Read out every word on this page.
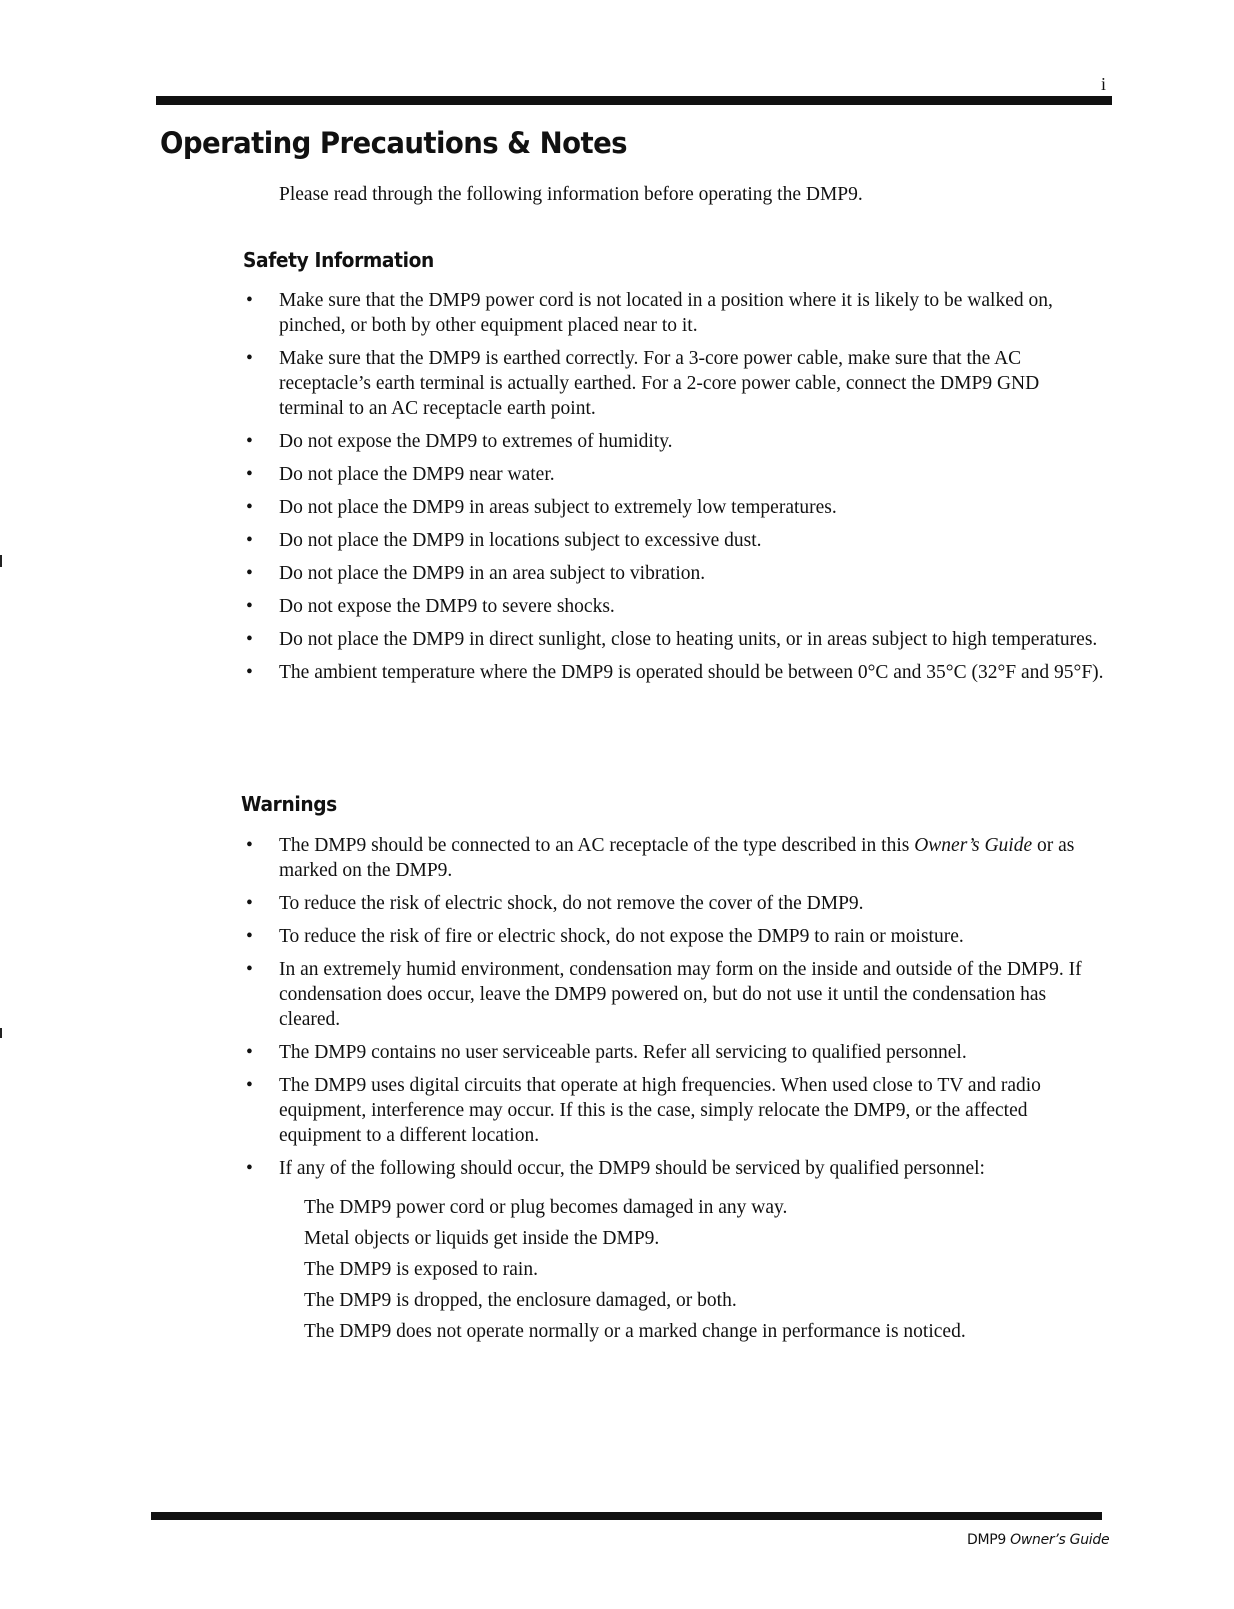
i
Operating Precautions & Notes

Please read through the following information before operating the DMP9.

Safety Information
• Make sure that the DMP9 power cord is not located in a position where it is likely to be walked on, pinched, or both by other equipment placed near to it.
• Make sure that the DMP9 is earthed correctly. For a 3-core power cable, make sure that the AC receptacle’s earth terminal is actually earthed. For a 2-core power cable, connect the DMP9 GND terminal to an AC receptacle earth point.
• Do not expose the DMP9 to extremes of humidity.
• Do not place the DMP9 near water.
• Do not place the DMP9 in areas subject to extremely low temperatures.
• Do not place the DMP9 in locations subject to excessive dust.
• Do not place the DMP9 in an area subject to vibration.
• Do not expose the DMP9 to severe shocks.
• Do not place the DMP9 in direct sunlight, close to heating units, or in areas subject to high temperatures.
• The ambient temperature where the DMP9 is operated should be between 0°C and 35°C (32°F and 95°F).
Warnings
• The DMP9 should be connected to an AC receptacle of the type described in this Owner’s Guide or as marked on the DMP9.
• To reduce the risk of electric shock, do not remove the cover of the DMP9.
• To reduce the risk of fire or electric shock, do not expose the DMP9 to rain or moisture.
• In an extremely humid environment, condensation may form on the inside and outside of the DMP9. If condensation does occur, leave the DMP9 powered on, but do not use it until the condensation has cleared.
• The DMP9 contains no user serviceable parts. Refer all servicing to qualified personnel.
• The DMP9 uses digital circuits that operate at high frequencies. When used close to TV and radio equipment, interference may occur. If this is the case, simply relocate the DMP9, or the affected equipment to a different location.
• If any of the following should occur, the DMP9 should be serviced by qualified personnel:
The DMP9 power cord or plug becomes damaged in any way.
Metal objects or liquids get inside the DMP9.
The DMP9 is exposed to rain.
The DMP9 is dropped, the enclosure damaged, or both.
The DMP9 does not operate normally or a marked change in performance is noticed.
DMP9 Owner’s Guide
